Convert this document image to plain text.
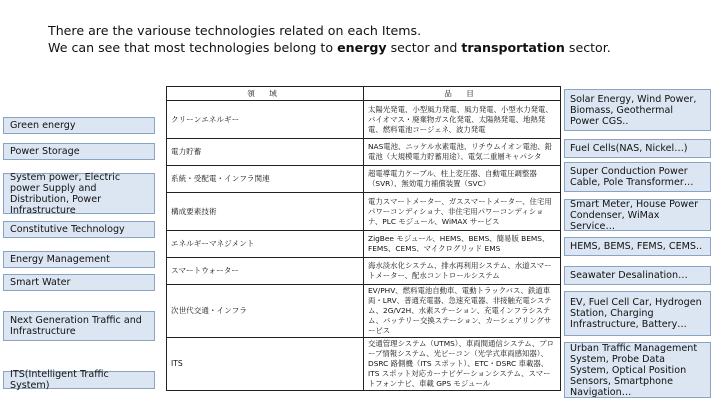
There are the variouse technologies related on each Items.
We can see that most technologies belong to energy sector and transportation sector.
Green energy
Power Storage
System power, Electric power Supply and Distribution, Power Infrastructure
Constitutive Technology
Energy Management
Smart Water
Next Generation Traffic and Infrastructure
ITS(Intelligent Traffic System)
Solar Energy, Wind Power, Biomass, Geothermal Power CGS..
Fuel Cells(NAS, Nickel…)
Super Conduction Power Cable, Pole Transformer…
Smart Meter, House Power Condenser, WiMax Service…
HEMS, BEMS, FEMS, CEMS..
Seawater Desalination…
EV, Fuel Cell Car, Hydrogen Station, Charging Infrastructure, Battery…
Urban Traffic Management System, Probe Data System, Optical Position Sensors, Smartphone Navigation…
領 域	品 目
クリーンエネルギー	太陽光発電、小型風力発電、風力発電、小型水力発電、バイオマス・廃棄物ガス化発電、太陽熱発電、地熱発電、燃料電池コージェネ、波力発電
電力貯蓄	NAS電池、ニッケル水素電池、リチウムイオン電池、鉛電池（大規模電力貯蓄用途）、電気二重層キャパシタ
系統・受配電・インフラ関連	超電導電力ケーブル、柱上変圧器、自動電圧調整器（SVR）、無効電力補償装置（SVC）
構成要素技術	電力スマートメーター、ガススマートメーター、住宅用パワーコンディショナ、非住宅用パワーコンディショナ、PLC モジュール、WiMAX サービス
エネルギーマネジメント	ZigBee モジュール、HEMS、BEMS、簡易版 BEMS、FEMS、CEMS、マイクログリッド EMS
スマートウォーター	海水淡水化システム、排水再利用システム、水道スマートメーター、配水コントロールシステム
次世代交通・インフラ	EV/PHV、燃料電池自動車、電動トラックバス、鉄道車両・LRV、普通充電器、急速充電器、非接触充電システム、2G/V2H、水素ステーション、充電インフラシステム、バッテリー交換ステーション、カーシェアリングサービス
ITS	交通管理システム（UTMS）、車両間通信システム、プローブ情報システム、光ビーコン（光学式車両感知器）、DSRC 路側機（ITS スポット）、ETC・DSRC 車載器、ITS スポット対応カーナビゲーションシステム、スマートフォンナビ、車載 GPS モジュール
